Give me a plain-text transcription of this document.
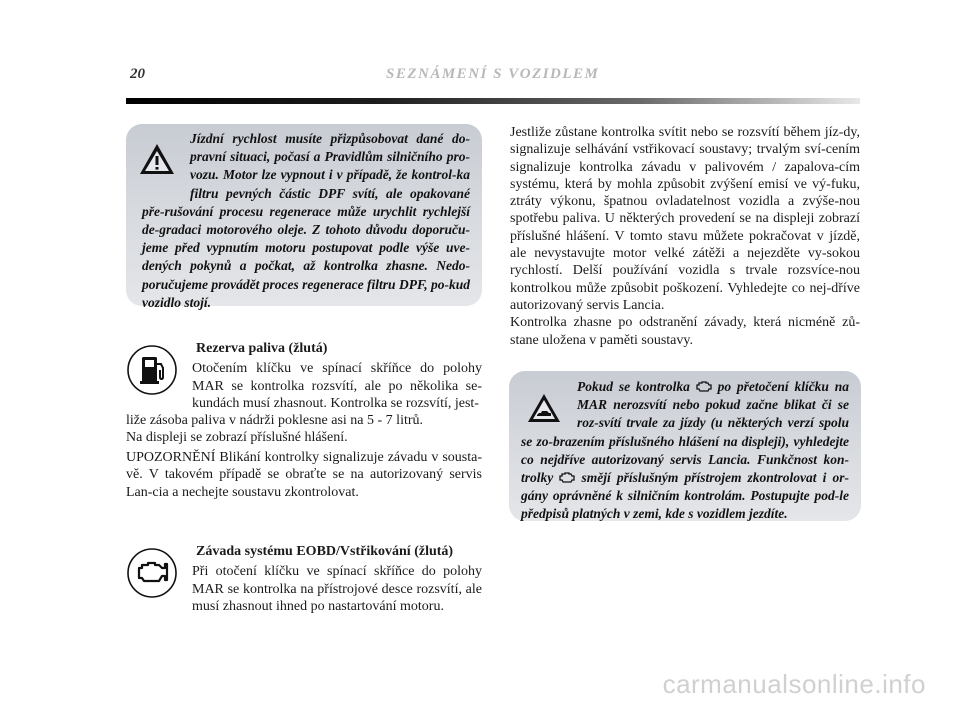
20	SEZNÁMENÍ S VOZIDLEM

Jízdní rychlost musíte přizpůsobovat dané do-pravní situaci, počasí a Pravidlům silničního pro-vozu. Motor lze vypnout i v případě, že kontrol-ka filtru pevných částic DPF svítí, ale opakované pře-rušování procesu regenerace může urychlit rychlejší de-gradaci motorového oleje. Z tohoto důvodu doporuču-jeme před vypnutím motoru postupovat podle výše uve-dených pokynů a počkat, až kontrolka zhasne. Nedo-poručujeme provádět proces regenerace filtru DPF, po-kud vozidlo stojí.

Rezerva paliva (žlutá)

Otočením klíčku ve spínací skříňce do polohy MAR se kontrolka rozsvítí, ale po několika se-kundách musí zhasnout. Kontrolka se rozsvítí, jest-

liže zásoba paliva v nádrži poklesne asi na 5 - 7 litrů.

Na displeji se zobrazí příslušné hlášení.

UPOZORNĚNÍ Blikání kontrolky signalizuje závadu v sousta-vě. V takovém případě se obraťte se na autorizovaný servis Lan-cia a nechejte soustavu zkontrolovat.
Závada systému EOBD/Vstřikování (žlutá)

Při otočení klíčku ve spínací skříňce do polohy MAR se kontrolka na přístrojové desce rozsvítí, ale musí zhasnout ihned po nastartování motoru.

Jestliže zůstane kontrolka svítit nebo se rozsvítí během jíz-dy, signalizuje selhávání vstřikovací soustavy; trvalým sví-cením signalizuje kontrolka závadu v palivovém / zapalova-cím systému, která by mohla způsobit zvýšení emisí ve vý-fuku, ztráty výkonu, špatnou ovladatelnost vozidla a zvýše-nou spotřebu paliva. U některých provedení se na displeji zobrazí příslušné hlášení. V tomto stavu můžete pokračovat v jízdě, ale nevystavujte motor velké zátěži a nejezděte vy-sokou rychlostí. Delší používání vozidla s trvale rozsvíce-nou kontrolkou může způsobit poškození. Vyhledejte co nej-dříve autorizovaný servis Lancia.

Kontrolka zhasne po odstranění závady, která nicméně zů-stane uložena v paměti soustavy.

Pokud se kontrolka po přetočení klíčku na MAR nerozsvítí nebo pokud začne blikat či se roz-svítí trvale za jízdy (u některých verzí spolu se zo-brazením příslušného hlášení na displeji), vyhledejte co nejdříve autorizovaný servis Lancia. Funkčnost kon-trolky smějí příslušným přístrojem zkontrolovat i or-gány oprávněné k silničním kontrolám. Postupujte pod-le předpisů platných v zemi, kde s vozidlem jezdíte.

carmanualsonline.info
